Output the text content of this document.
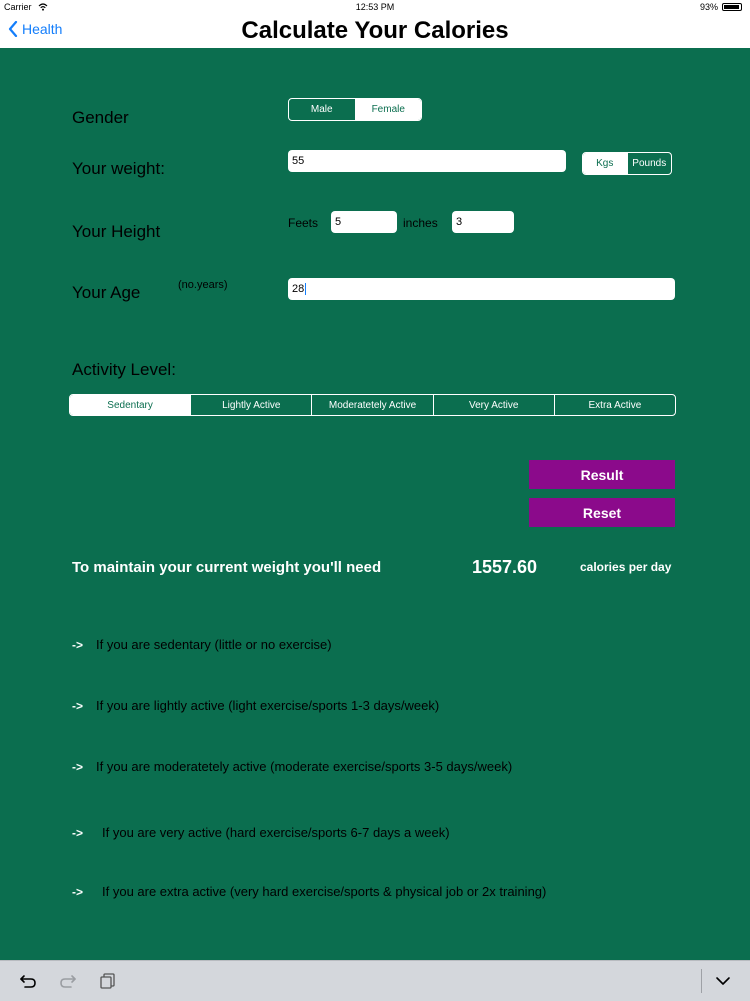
Carrier	12:53 PM	93%
Health	Calculate Your Calories
Gender	Male	Female
Your weight:	55	Kgs	Pounds
Your Height	Feets	5	inches	3
Your Age	(no.years)	28
Activity Level:
Sedentary	Lightly Active	Moderatetely Active	Very Active	Extra Active
Result
Reset
To maintain your current weight you'll need	1557.60	calories per day
-> If you are sedentary (little or no exercise)
-> If you are lightly active (light exercise/sports 1-3 days/week)
-> If you are moderatetely active (moderate exercise/sports 3-5 days/week)
->	If you are very active (hard exercise/sports 6-7 days a week)
->	If you are extra active (very hard exercise/sports & physical job or 2x training)
